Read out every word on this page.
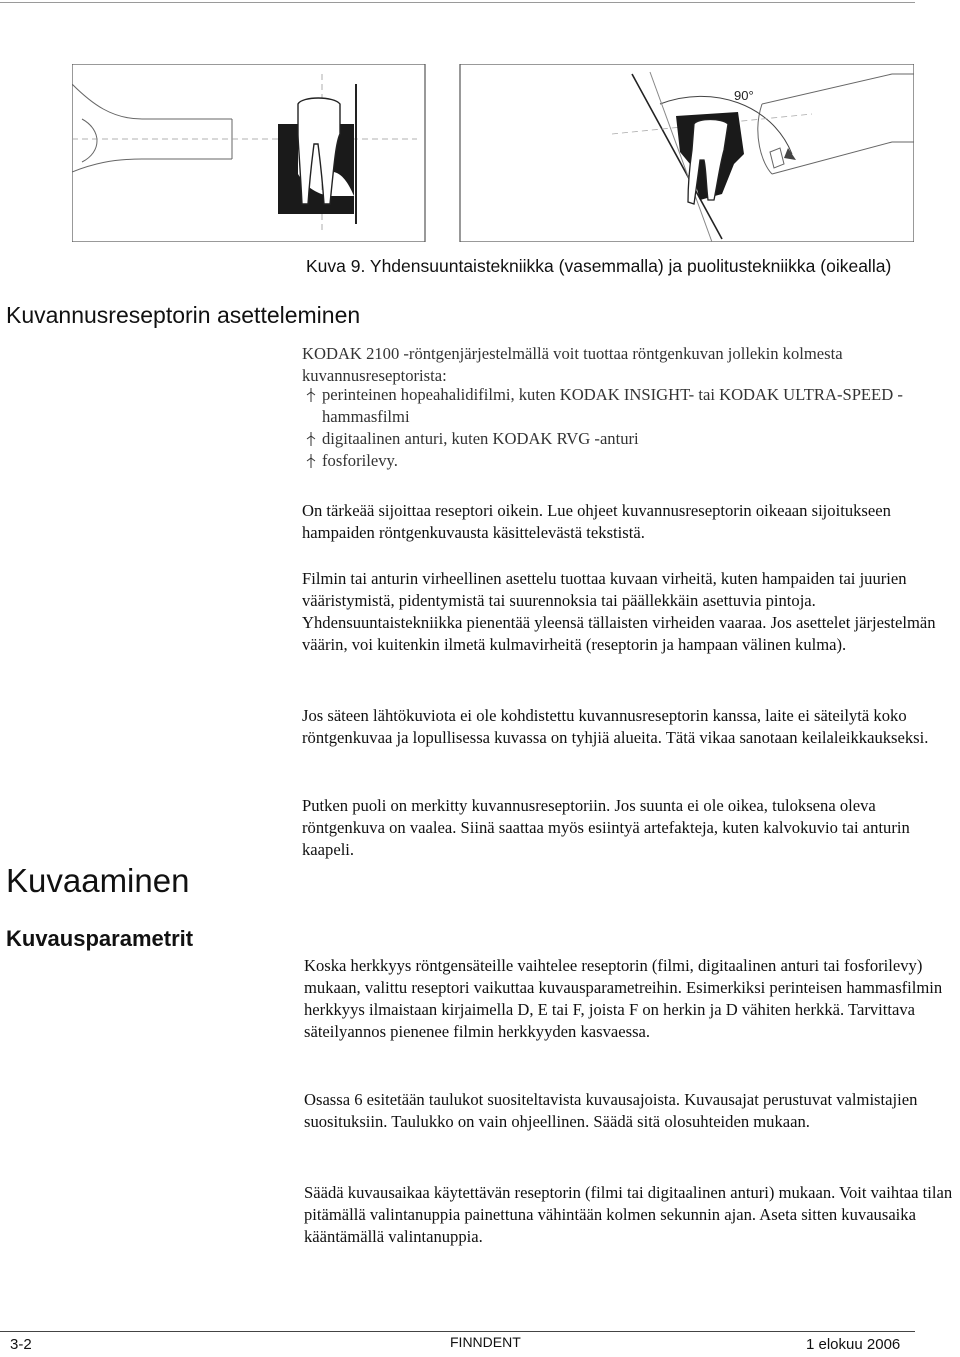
90°
Kuva 9. Yhdensuuntaistekniikka (vasemmalla) ja puolitustekniikka (oikealla)
Kuvannusreseptorin asetteleminen

KODAK 2100 -röntgenjärjestelmällä voit tuottaa röntgenkuvan jollekin kolmesta kuvannusreseptorista:

perinteinen hopeahalidifilmi, kuten KODAK INSIGHT- tai KODAK ULTRA-SPEED -hammasfilmi
digitaalinen anturi, kuten KODAK RVG -anturi
fosforilevy.

On tärkeää sijoittaa reseptori oikein. Lue ohjeet kuvannusreseptorin oikeaan sijoitukseen hampaiden röntgenkuvausta käsittelevästä tekstistä.

Filmin tai anturin virheellinen asettelu tuottaa kuvaan virheitä, kuten hampaiden tai juurien vääristymistä, pidentymistä tai suurennoksia tai päällekkäin asettuvia pintoja. Yhdensuuntaistekniikka pienentää yleensä tällaisten virheiden vaaraa. Jos asettelet järjestelmän väärin, voi kuitenkin ilmetä kulmavirheitä (reseptorin ja hampaan välinen kulma).

Jos säteen lähtökuviota ei ole kohdistettu kuvannusreseptorin kanssa, laite ei säteilytä koko röntgenkuvaa ja lopullisessa kuvassa on tyhjiä alueita. Tätä vikaa sanotaan keilaleikkaukseksi.

Putken puoli on merkitty kuvannusreseptoriin. Jos suunta ei ole oikea, tuloksena oleva röntgenkuva on vaalea. Siinä saattaa myös esiintyä artefakteja, kuten kalvokuvio tai anturin kaapeli.

Kuvaaminen
Kuvausparametrit

Koska herkkyys röntgensäteille vaihtelee reseptorin (filmi, digitaalinen anturi tai fosforilevy) mukaan, valittu reseptori vaikuttaa kuvausparametreihin. Esimerkiksi perinteisen hammasfilmin herkkyys ilmaistaan kirjaimella D, E tai F, joista F on herkin ja D vähiten herkkä. Tarvittava säteilyannos pienenee filmin herkkyyden kasvaessa.

Osassa 6 esitetään taulukot suositeltavista kuvausajoista. Kuvausajat perustuvat valmistajien suosituksiin. Taulukko on vain ohjeellinen. Säädä sitä olosuhteiden mukaan.

Säädä kuvausaikaa käytettävän reseptorin (filmi tai digitaalinen anturi) mukaan. Voit vaihtaa tilan pitämällä valintanuppia painettuna vähintään kolmen sekunnin ajan. Aseta sitten kuvausaika kääntämällä valintanuppia.

3-2	FINNDENT	1 elokuu 2006
